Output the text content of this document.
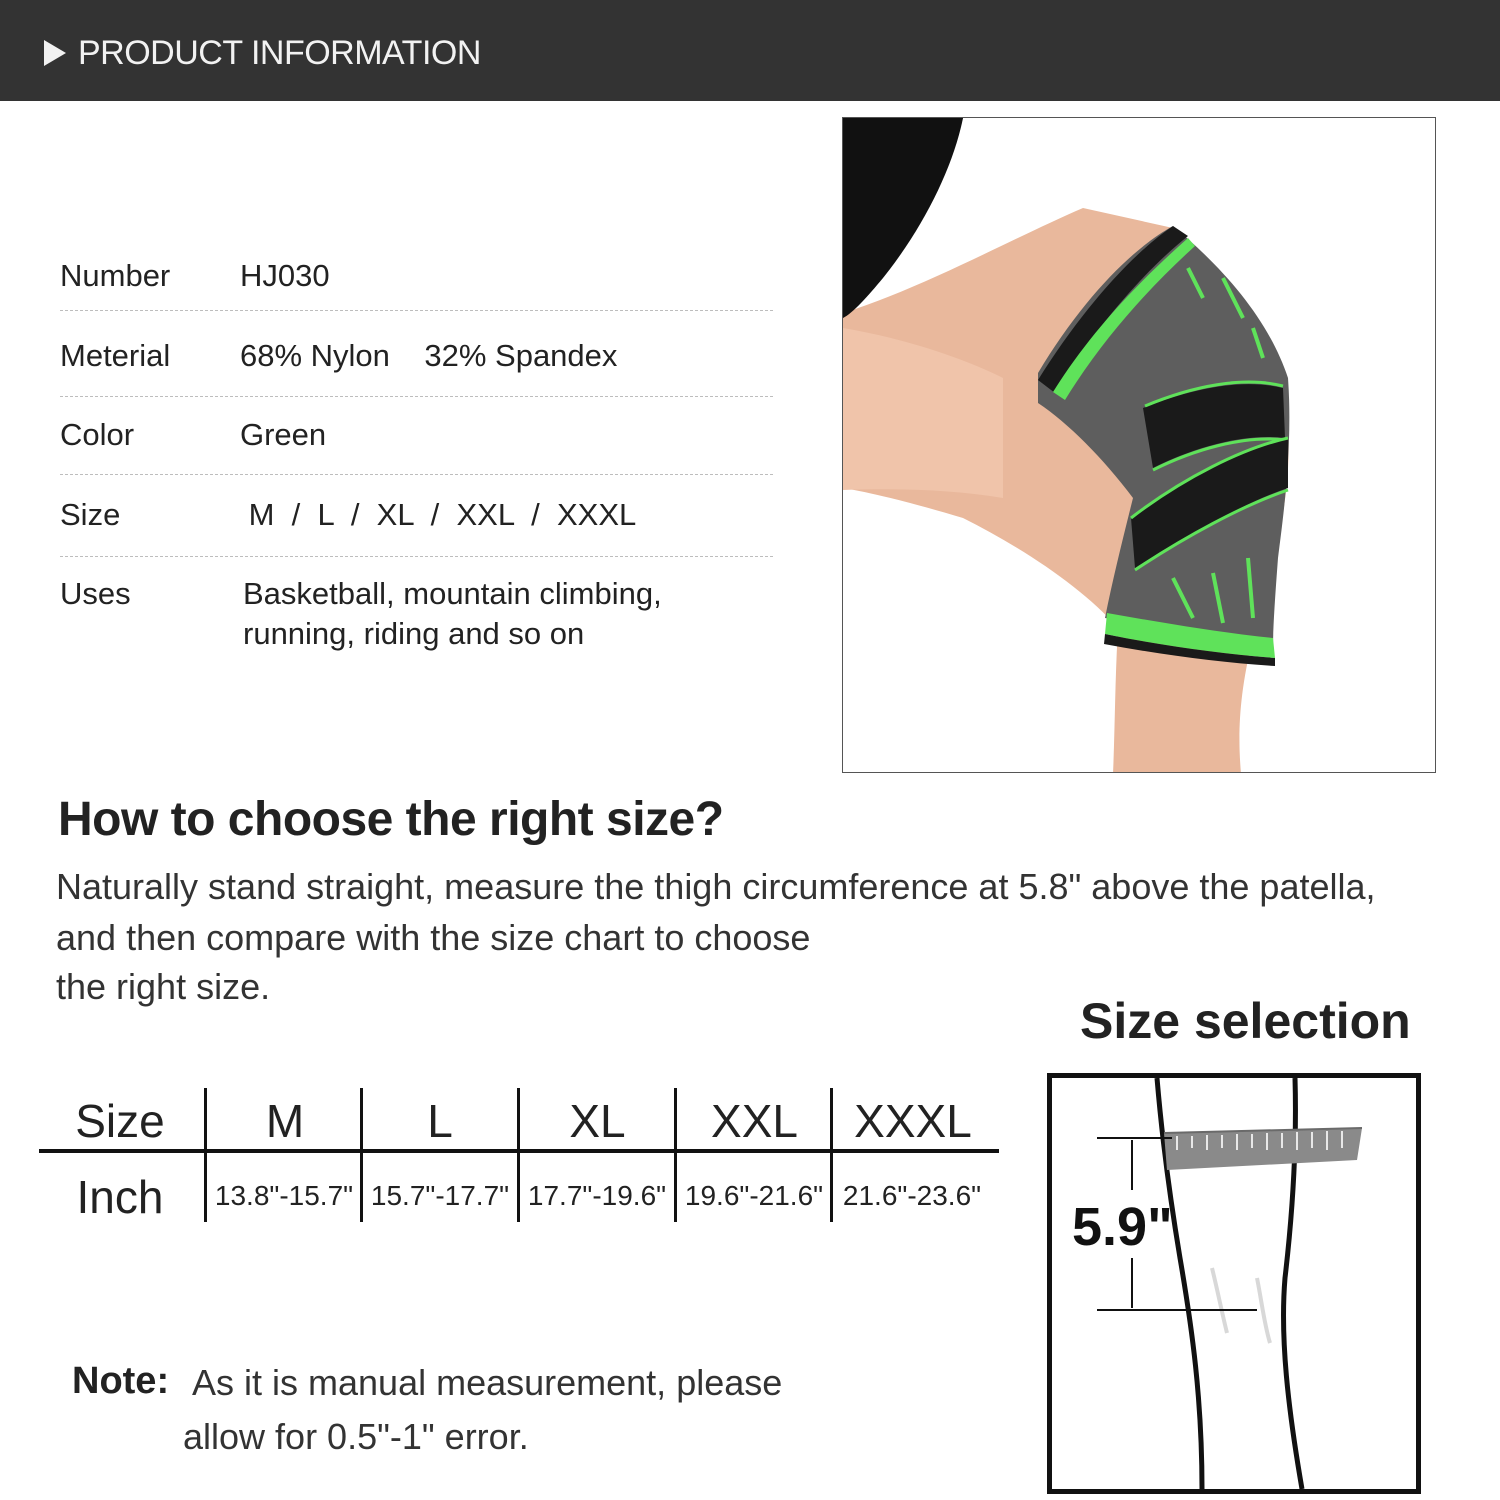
PRODUCT INFORMATION
Number HJ030
Meterial 68% Nylon    32% Spandex
Color	Green
Size	M  /  L  /  XL  /  XXL  /  XXXL
Uses	Basketball, mountain climbing,
running, riding and so on
How to choose the right size?
Naturally stand straight, measure the thigh circumference at 5.8" above the patella,
and then compare with the size chart to choose
the right size.
Size	M	L	XL	XXL	XXXL
Inch	13.8"-15.7" 15.7"-17.7" 17.7"-19.6" 19.6"-21.6" 21.6"-23.6"
Size selection
5.9"
Note: As it is manual measurement, please
allow for 0.5"-1" error.
